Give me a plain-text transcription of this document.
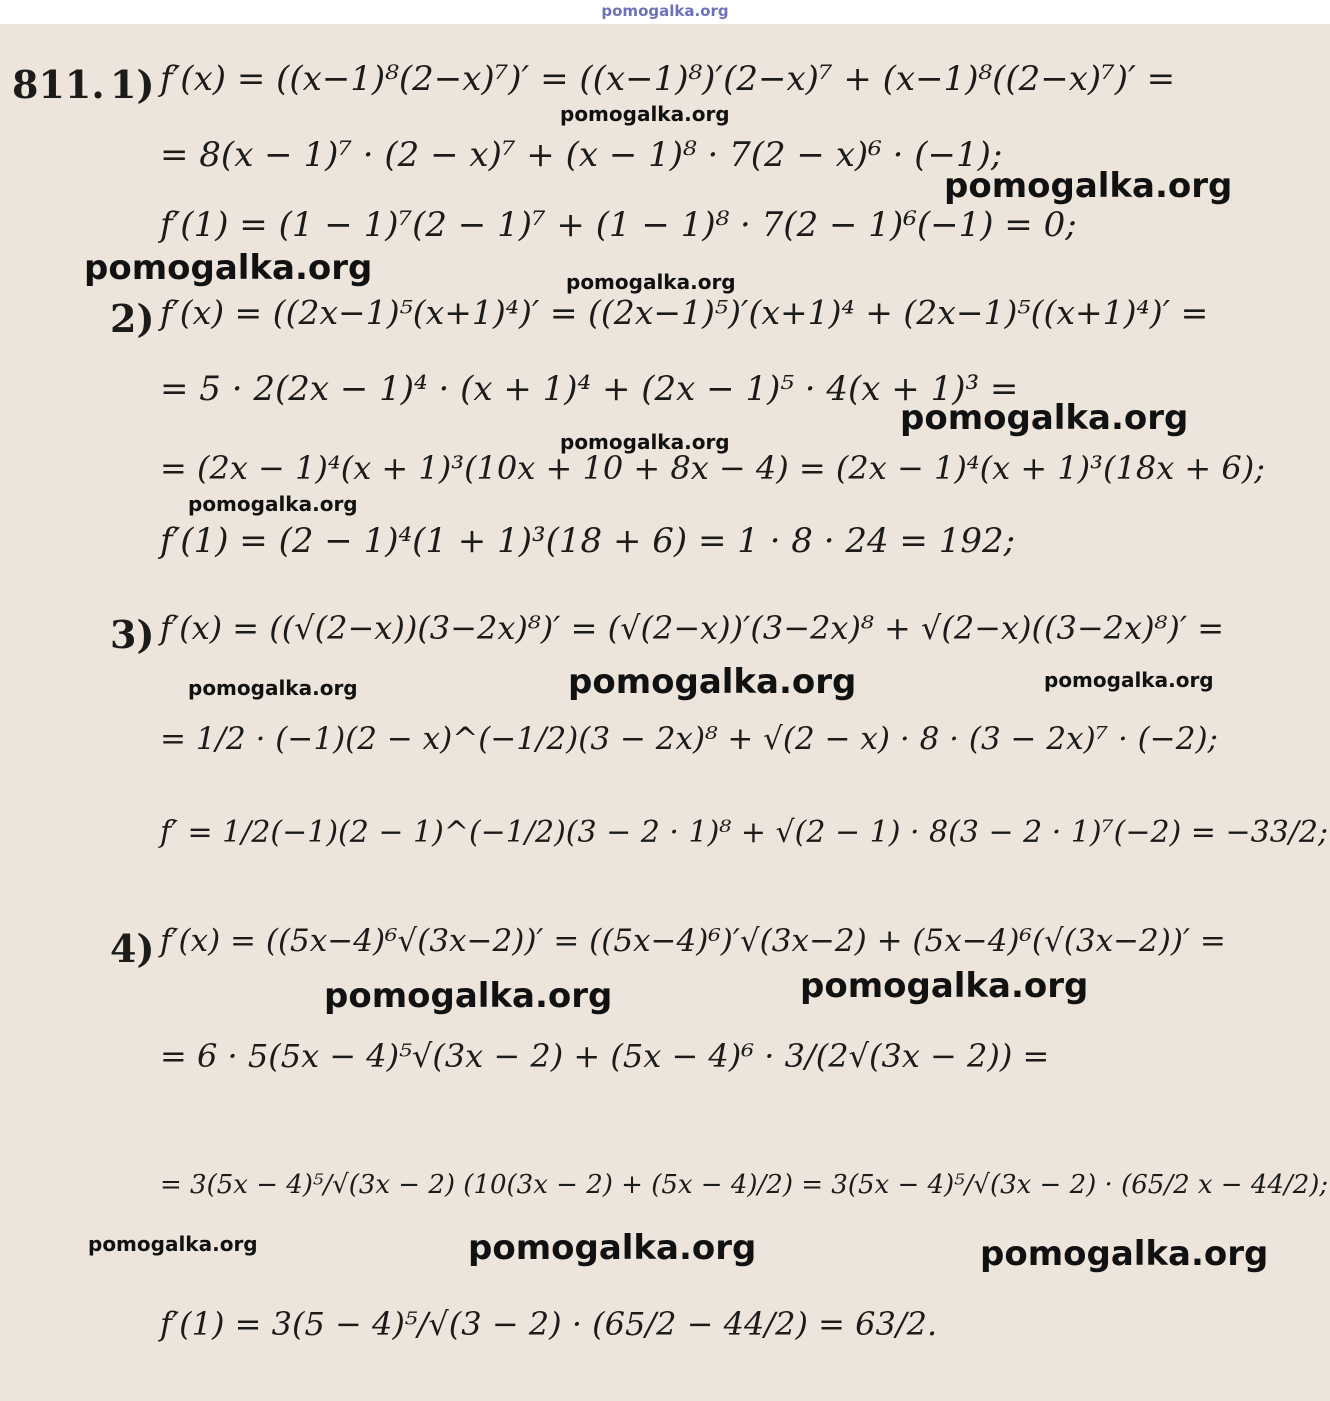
pomogalka.org
811. 1) f′(x) = ((x−1)⁸(2−x)⁷)′ = ((x−1)⁸)′(2−x)⁷ + (x−1)⁸((2−x)⁷)′ =
= 8(x − 1)⁷ · (2 − x)⁷ + (x − 1)⁸ · 7(2 − x)⁶ · (−1);
f′(1) = (1 − 1)⁷(2 − 1)⁷ + (1 − 1)⁸ · 7(2 − 1)⁶(−1) = 0;
2) f′(x) = ((2x−1)⁵(x+1)⁴)′ = ((2x−1)⁵)′(x+1)⁴ + (2x−1)⁵((x+1)⁴)′ =
= 5 · 2(2x − 1)⁴ · (x + 1)⁴ + (2x − 1)⁵ · 4(x + 1)³ =
= (2x − 1)⁴(x + 1)³(10x + 10 + 8x − 4) = (2x − 1)⁴(x + 1)³(18x + 6);
f′(1) = (2 − 1)⁴(1 + 1)³(18 + 6) = 1 · 8 · 24 = 192;
3) f′(x) = ((√(2−x))(3−2x)⁸)′ = (√(2−x))′(3−2x)⁸ + √(2−x)((3−2x)⁸)′ =
= 1/2 · (−1)(2 − x)^(−1/2)(3 − 2x)⁸ + √(2 − x) · 8 · (3 − 2x)⁷ · (−2);
f′ = 1/2(−1)(2 − 1)^(−1/2)(3 − 2 · 1)⁸ + √(2 − 1) · 8(3 − 2 · 1)⁷(−2) = −33/2;
4) f′(x) = ((5x−4)⁶√(3x−2))′ = ((5x−4)⁶)′√(3x−2) + (5x−4)⁶(√(3x−2))′ =
= 6 · 5(5x − 4)⁵√(3x − 2) + (5x − 4)⁶ · 3/(2√(3x − 2)) =
= 3(5x − 4)⁵/√(3x − 2) (10(3x − 2) + (5x − 4)/2) = 3(5x − 4)⁵/√(3x − 2) · (65/2 x − 44/2);
f′(1) = 3(5 − 4)⁵/√(3 − 2) · (65/2 − 44/2) = 63/2.
pomogalka.org
pomogalka.org
pomogalka.org	pomogalka.org
pomogalka.org
pomogalka.org
pomogalka.org
pomogalka.org	pomogalka.org	pomogalka.org
pomogalka.org	pomogalka.org
pomogalka.org	pomogalka.org	pomogalka.org
